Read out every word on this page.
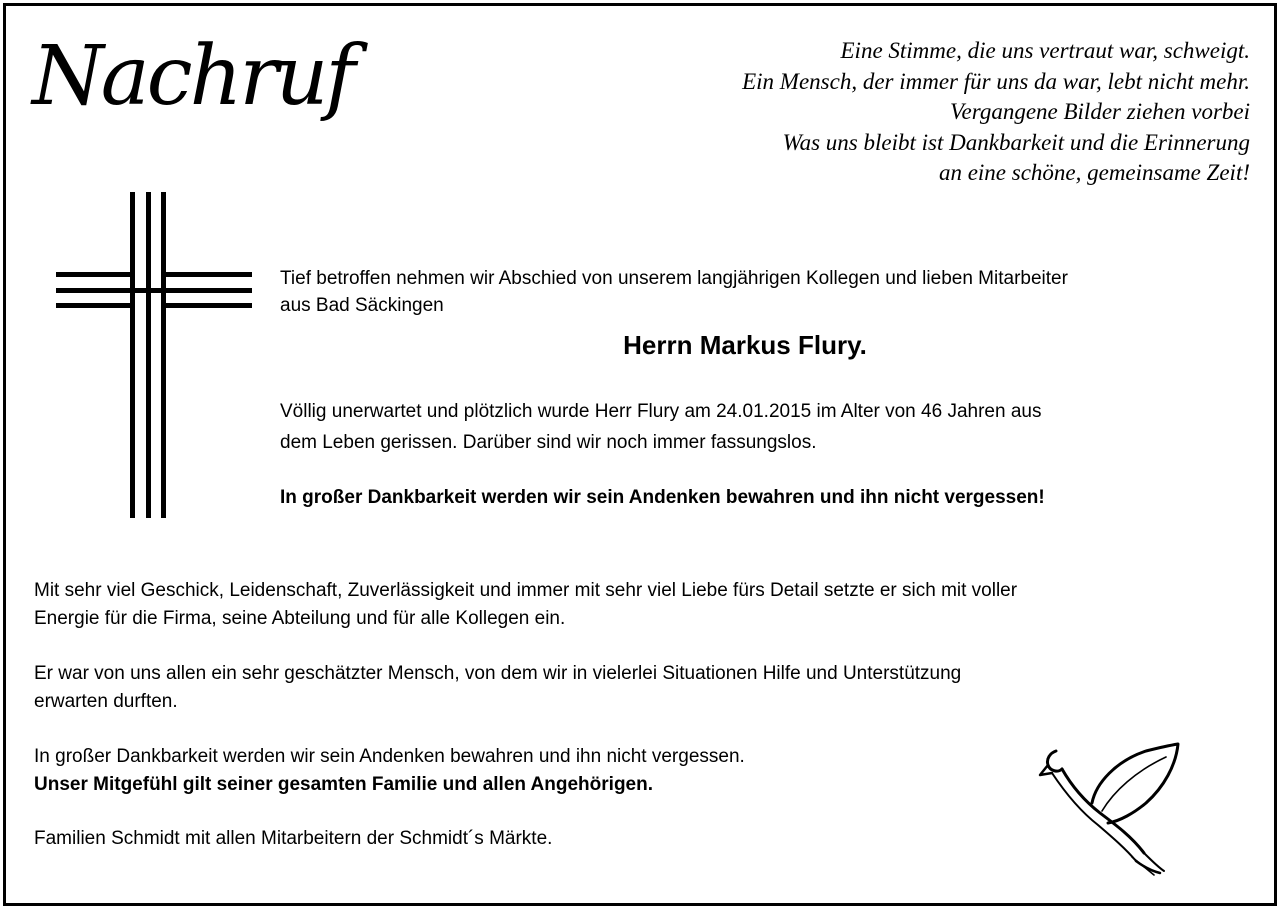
Nachruf	Eine Stimme, die uns vertraut war, schweigt.
Ein Mensch, der immer für uns da war, lebt nicht mehr.
Vergangene Bilder ziehen vorbei
Was uns bleibt ist Dankbarkeit und die Erinnerung
an eine schöne, gemeinsame Zeit!
Tief betroffen nehmen wir Abschied von unserem langjährigen Kollegen und lieben Mitarbeiter
aus Bad Säckingen
Herrn Markus Flury.
Völlig unerwartet und plötzlich wurde Herr Flury am 24.01.2015 im Alter von 46 Jahren aus
dem Leben gerissen. Darüber sind wir noch immer fassungslos.
In großer Dankbarkeit werden wir sein Andenken bewahren und ihn nicht vergessen!
Mit sehr viel Geschick, Leidenschaft, Zuverlässigkeit und immer mit sehr viel Liebe fürs Detail setzte er sich mit voller
Energie für die Firma, seine Abteilung und für alle Kollegen ein.
Er war von uns allen ein sehr geschätzter Mensch, von dem wir in vielerlei Situationen Hilfe und Unterstützung
erwarten durften.
In großer Dankbarkeit werden wir sein Andenken bewahren und ihn nicht vergessen.
Unser Mitgefühl gilt seiner gesamten Familie und allen Angehörigen.
Familien Schmidt mit allen Mitarbeitern der Schmidt´s Märkte.
